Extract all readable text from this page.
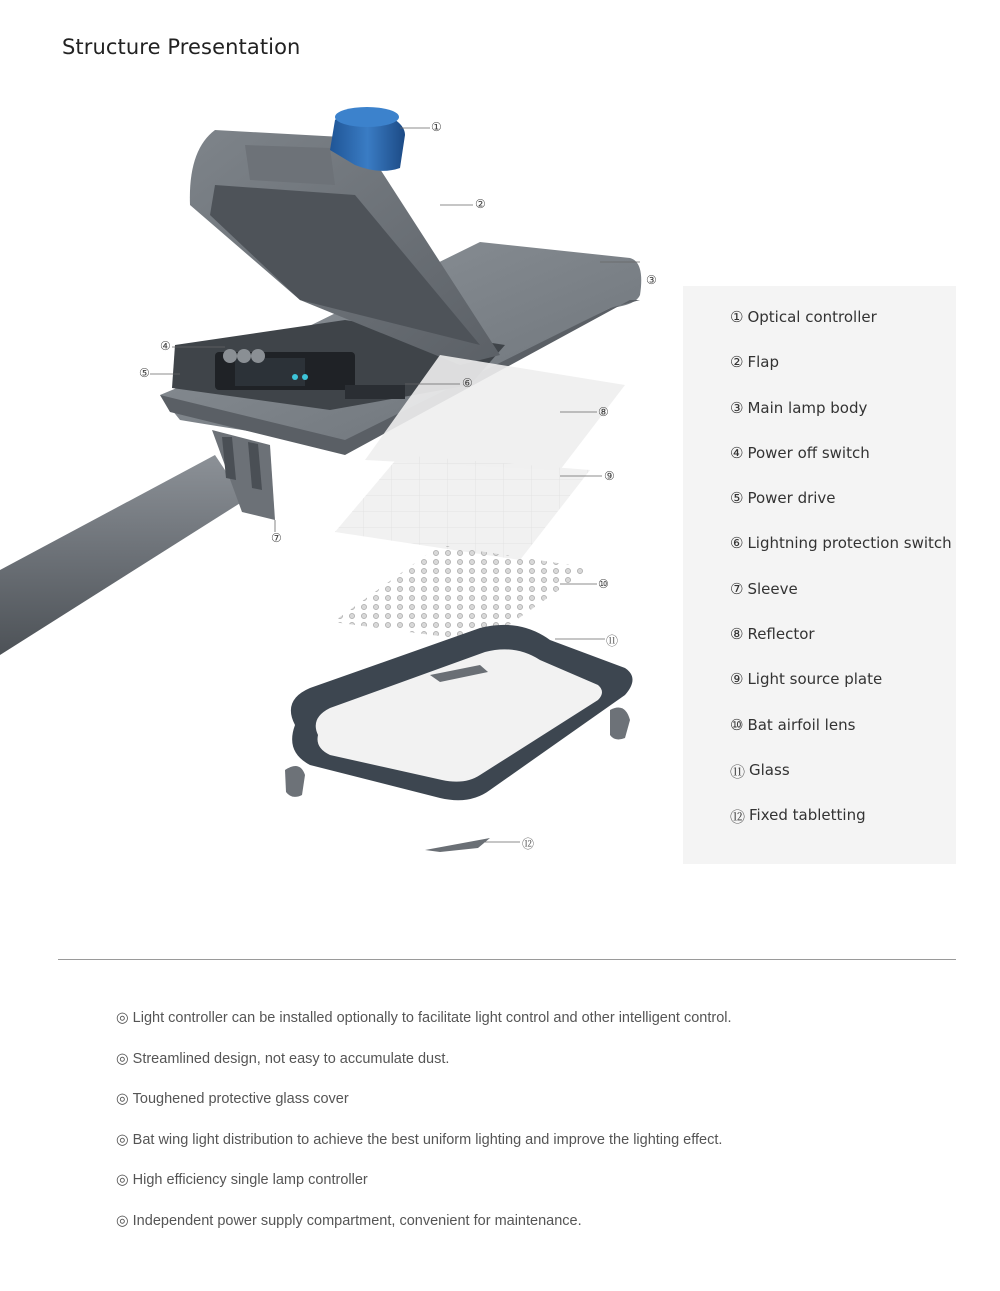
Structure Presentation
①
②
③
④
⑤
⑥
⑦
⑧
⑨
⑩
⑪
⑫
① Optical controller
② Flap
③ Main lamp body
④ Power off switch
⑤ Power drive
⑥ Lightning protection switch
⑦ Sleeve
⑧ Reflector
⑨ Light source plate
⑩ Bat airfoil lens
⑪ Glass
⑫ Fixed tabletting
◎ Light controller can be installed optionally to facilitate light control and other intelligent control.
◎ Streamlined design, not easy to accumulate dust.
◎ Toughened protective glass cover
◎ Bat wing light distribution to achieve the best uniform lighting and improve the lighting effect.
◎ High efficiency single lamp controller
◎ Independent power supply compartment, convenient for maintenance.
